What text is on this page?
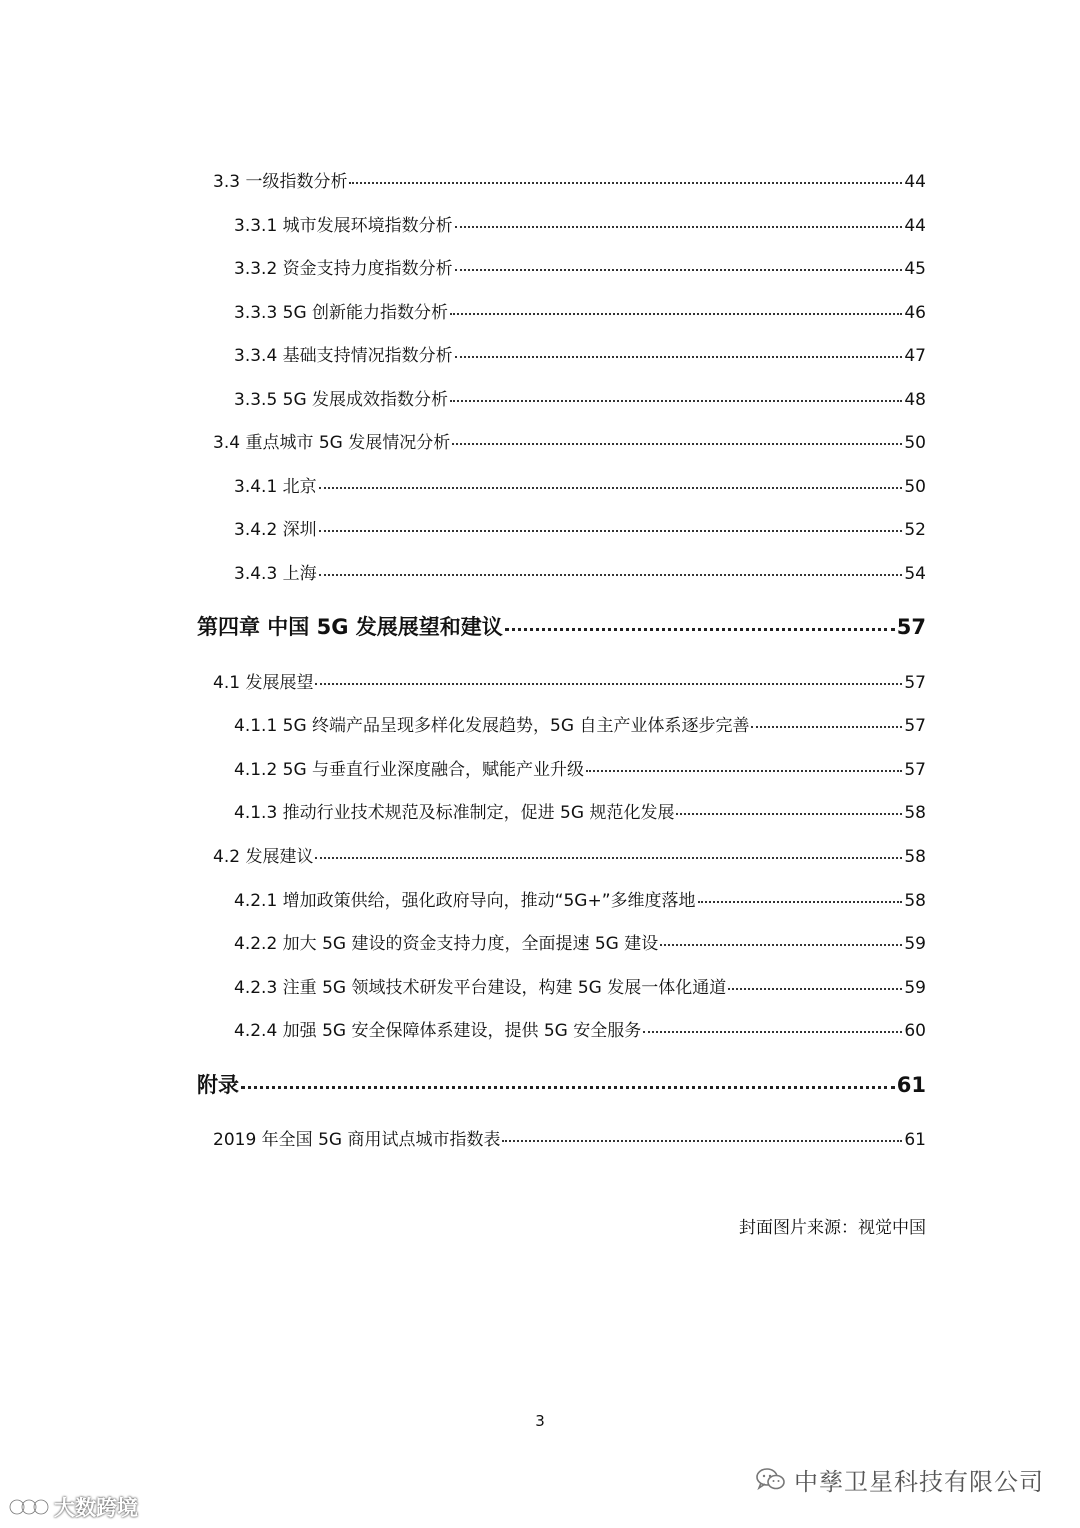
3.3 一级指数分析	44
3.3.1 城市发展环境指数分析	44
3.3.2 资金支持力度指数分析	45
3.3.3 5G 创新能力指数分析	46
3.3.4 基础支持情况指数分析	47
3.3.5 5G 发展成效指数分析	48
3.4 重点城市 5G 发展情况分析	50
3.4.1 北京	50
3.4.2 深圳	52
3.4.3 上海	54
第四章 中国 5G 发展展望和建议	57
4.1 发展展望	57
4.1.1 5G 终端产品呈现多样化发展趋势，5G 自主产业体系逐步完善	57
4.1.2 5G 与垂直行业深度融合，赋能产业升级	57
4.1.3 推动行业技术规范及标准制定，促进 5G 规范化发展	58
4.2 发展建议	58
4.2.1 增加政策供给，强化政府导向，推动“5G+”多维度落地	58
4.2.2 加大 5G 建设的资金支持力度，全面提速 5G 建设	59
4.2.3 注重 5G 领域技术研发平台建设，构建 5G 发展一体化通道	59
4.2.4 加强 5G 安全保障体系建设，提供 5G 安全服务	60
附录	61
2019 年全国 5G 商用试点城市指数表	61
封面图片来源：视觉中国
3
中孳卫星科技有限公司
大数跨境
